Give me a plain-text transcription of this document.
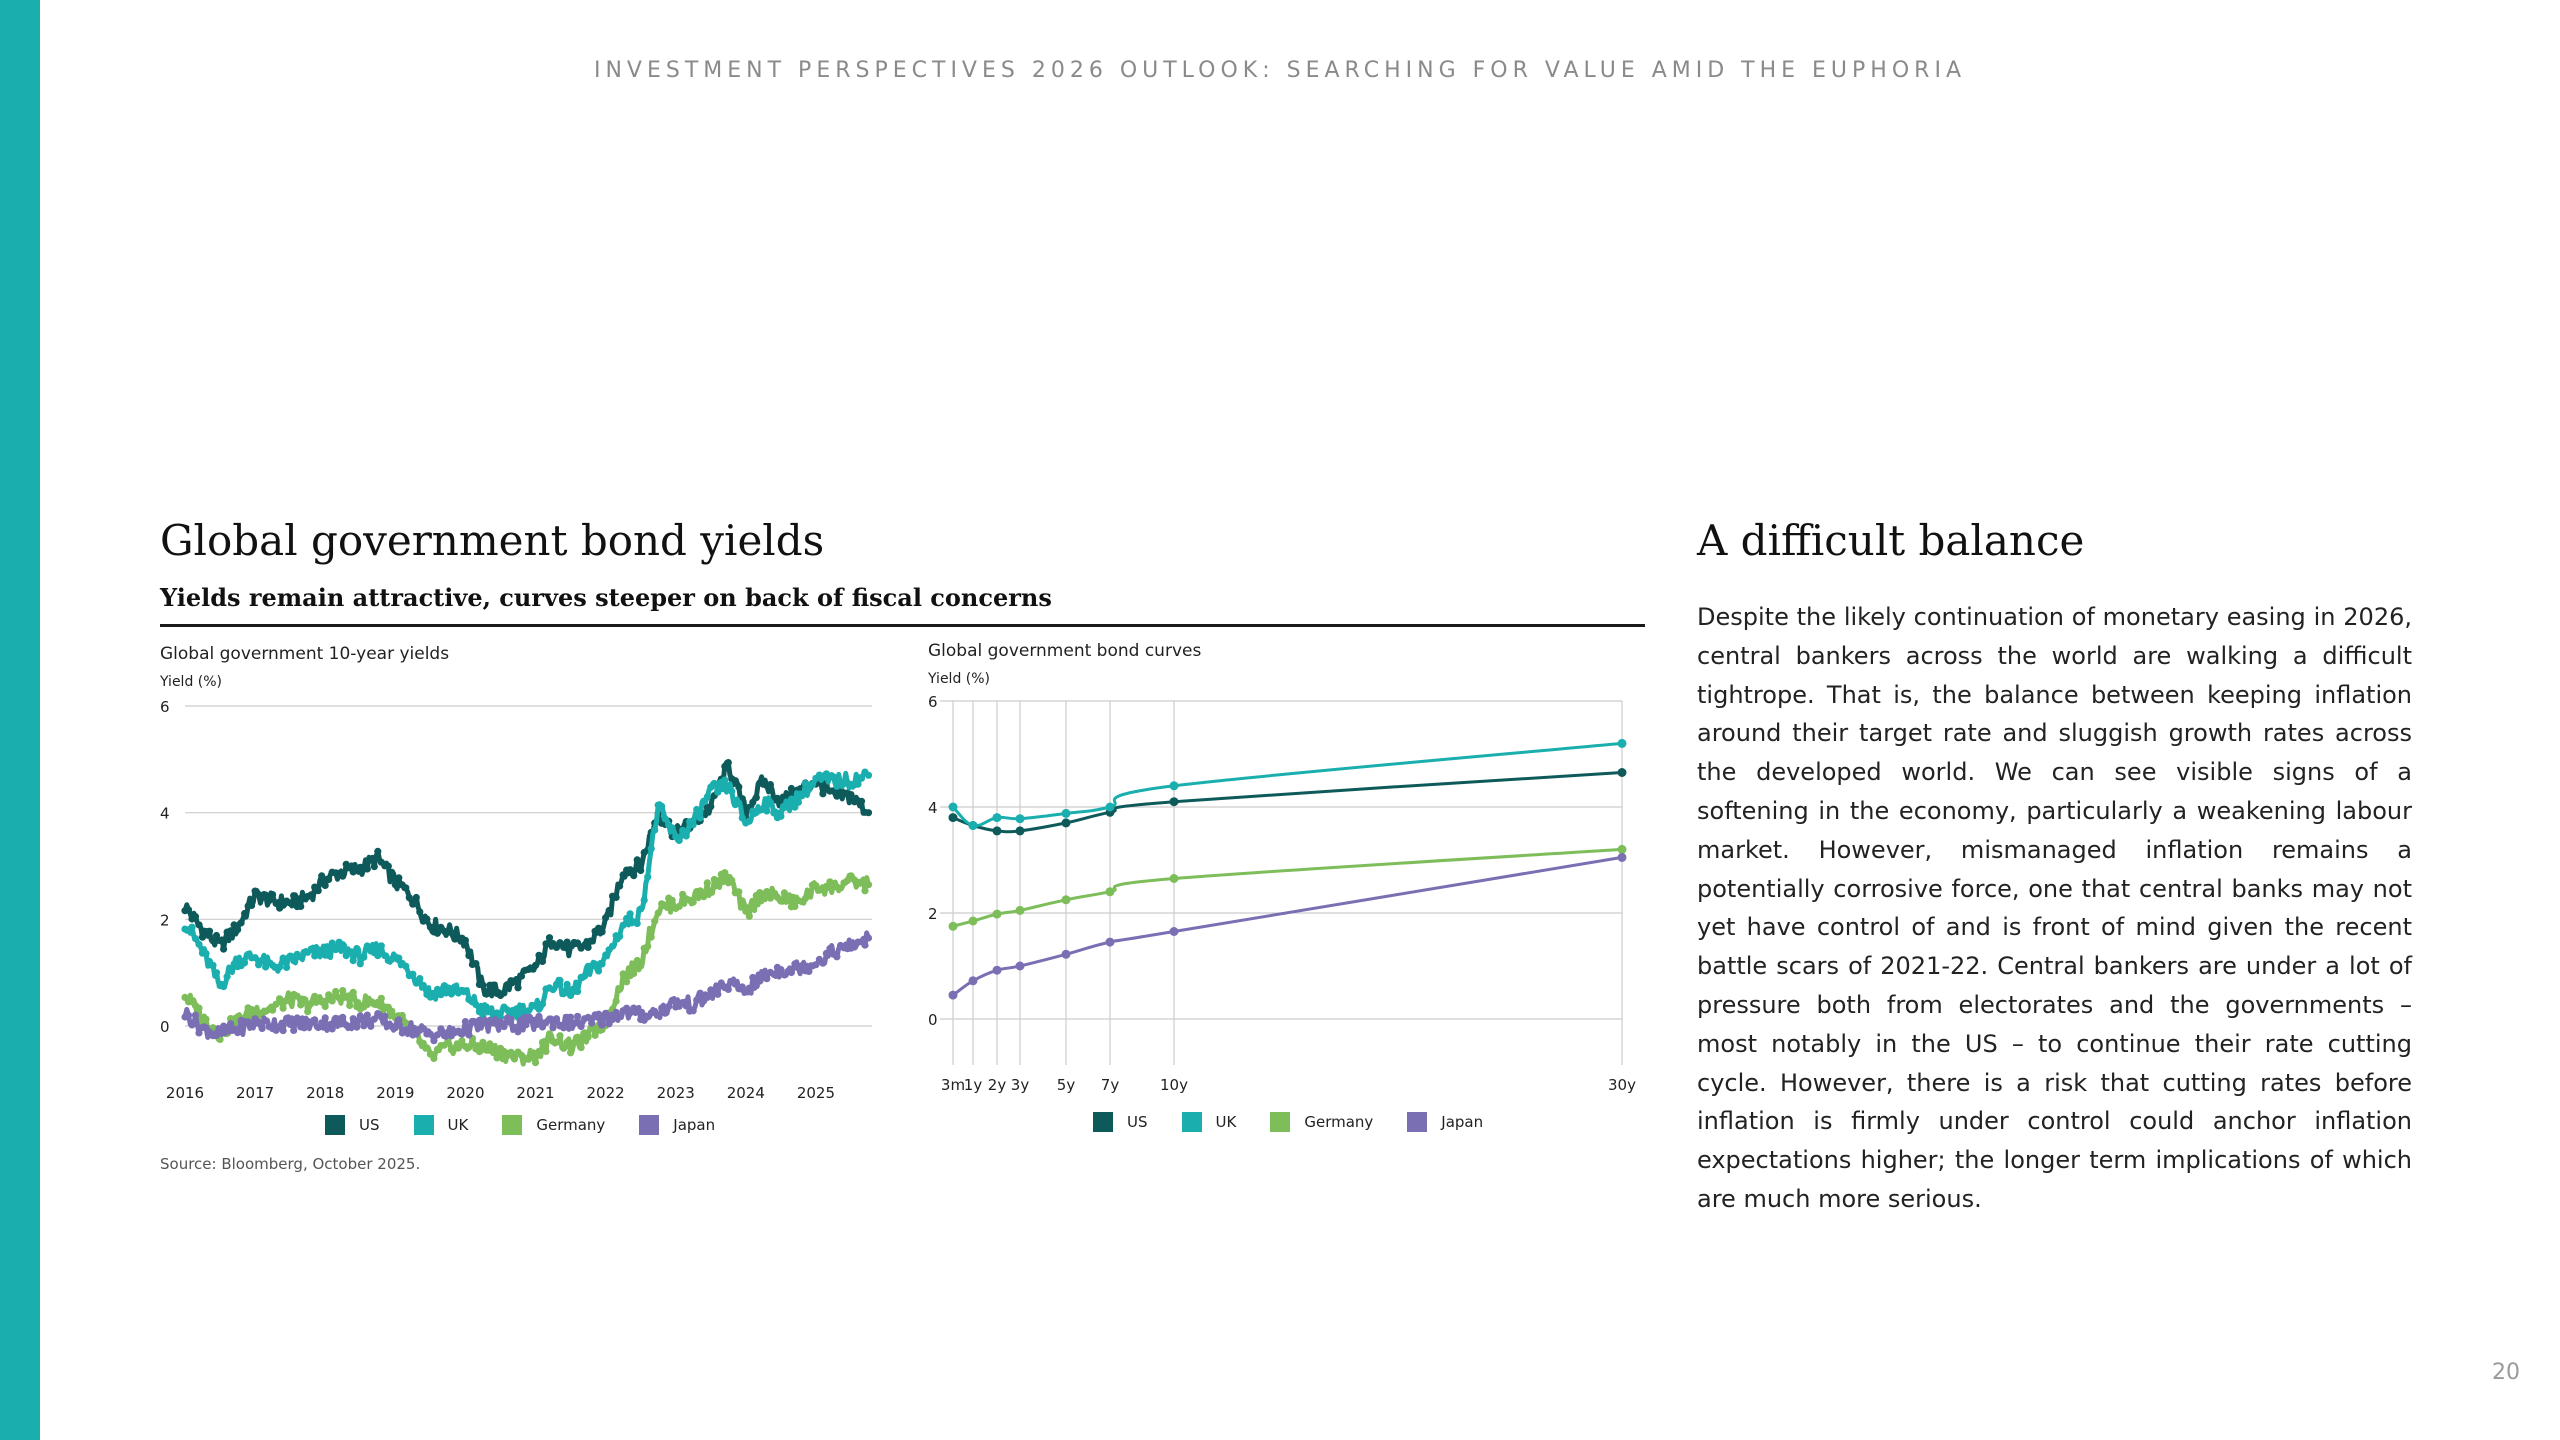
INVESTMENT PERSPECTIVES 2026 OUTLOOK: SEARCHING FOR VALUE AMID THE EUPHORIA
Global government bond yields
Yields remain attractive, curves steeper on back of fiscal concerns
Global government 10-year yields
Yield (%)
Global government bond curves
Yield (%)
0
2
4
6
2016 2017 2018 2019 2020 2021 2022 2023 2024 2025
0
2
4
6
3m
1y 2y 3y 5y 7y	10y	30y
US	UK	Germany	Japan	US	UK	Germany	Japan
Source: Bloomberg, October 2025.
A difficult balance
Despite the likely continuation of monetary easing in 2026, central bankers across the world are walking a difficult tightrope. That is, the balance between keeping inflation around their target rate and sluggish growth rates across the developed world. We can see visible signs of a softening in the economy, particularly a weakening labour market. However, mismanaged inflation remains a potentially corrosive force, one that central banks may not yet have control of and is front of mind given the recent battle scars of 2021-22. Central bankers are under a lot of pressure both from electorates and the governments – most notably in the US – to continue their rate cutting cycle. However, there is a risk that cutting rates before inflation is firmly under control could anchor inflation expectations higher; the longer term implications of which are much more serious.
20
